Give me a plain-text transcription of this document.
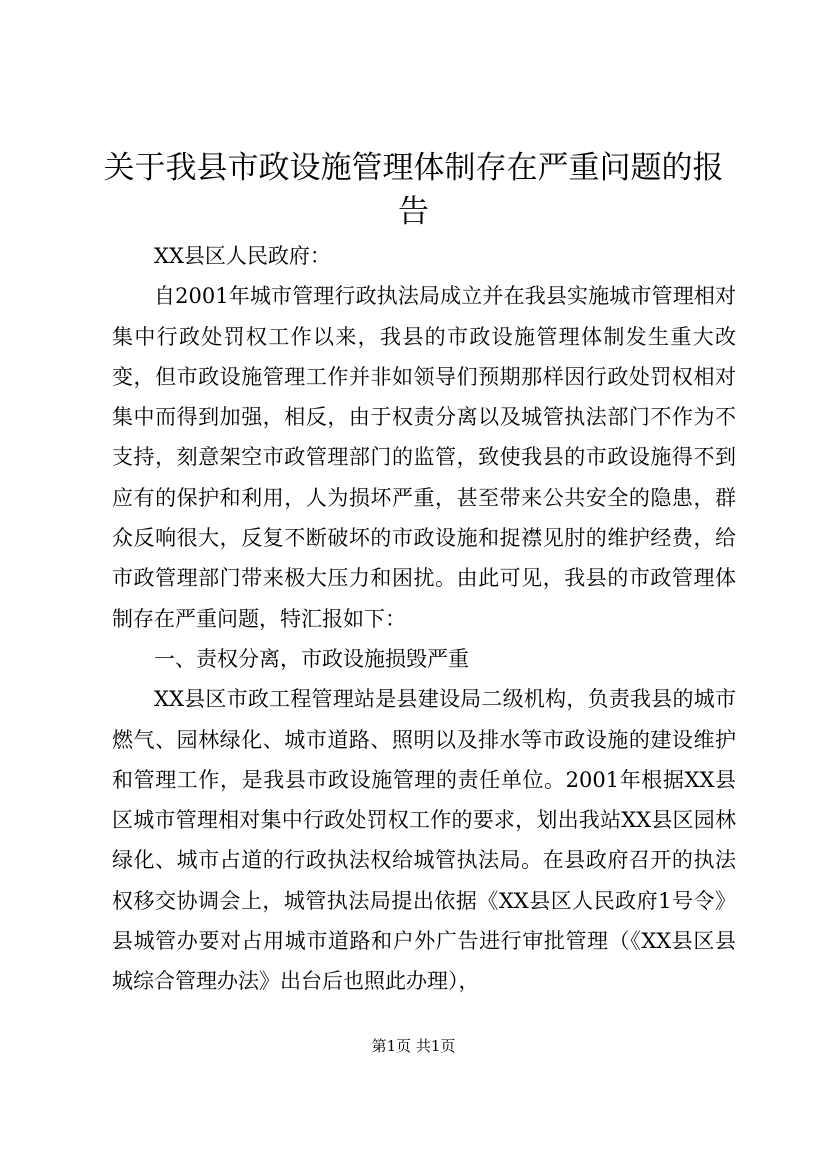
关于我县市政设施管理体制存在严重问题的报告

XX县区人民政府：

自2001年城市管理行政执法局成立并在我县实施城市管理相对集中行政处罚权工作以来，我县的市政设施管理体制发生重大改变，但市政设施管理工作并非如领导们预期那样因行政处罚权相对集中而得到加强，相反，由于权责分离以及城管执法部门不作为不支持，刻意架空市政管理部门的监管，致使我县的市政设施得不到应有的保护和利用，人为损坏严重，甚至带来公共安全的隐患，群众反响很大，反复不断破坏的市政设施和捉襟见肘的维护经费，给市政管理部门带来极大压力和困扰。由此可见，我县的市政管理体制存在严重问题，特汇报如下：

一、责权分离，市政设施损毁严重

XX县区市政工程管理站是县建设局二级机构，负责我县的城市燃气、园林绿化、城市道路、照明以及排水等市政设施的建设维护和管理工作，是我县市政设施管理的责任单位。2001年根据XX县区城市管理相对集中行政处罚权工作的要求，划出我站XX县区园林绿化、城市占道的行政执法权给城管执法局。在县政府召开的执法权移交协调会上，城管执法局提出依据《XX县区人民政府1号令》县城管办要对占用城市道路和户外广告进行审批管理（《XX县区县城综合管理办法》出台后也照此办理），

第1页 共1页
